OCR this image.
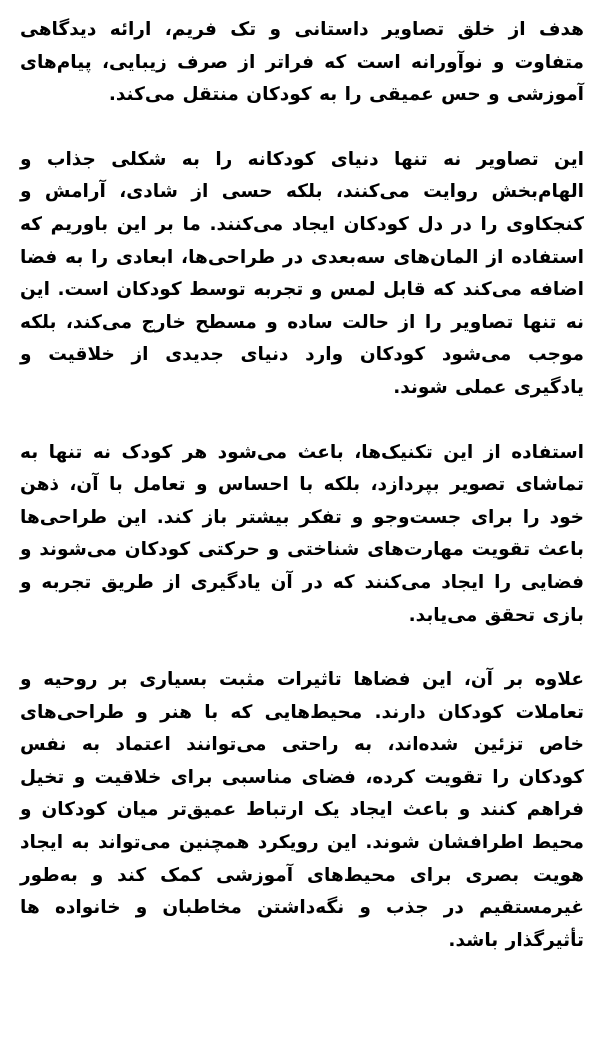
هدف از خلق تصاویر داستانی و تک فریم، ارائه دیدگاهی متفاوت و نوآورانه است که فراتر از صرف زیبایی، پیام‌های آموزشی و حس عمیقی را به کودکان منتقل می‌کند.

این تصاویر نه تنها دنیای کودکانه را به شکلی جذاب و الهام‌بخش روایت می‌کنند، بلکه حسی از شادی، آرامش و کنجکاوی را در دل کودکان ایجاد می‌کنند. ما بر این باوریم که استفاده از المان‌های سه‌بعدی در طراحی‌ها، ابعادی را به فضا اضافه می‌کند که قابل لمس و تجربه توسط کودکان است. این نه تنها تصاویر را از حالت ساده و مسطح خارج می‌کند، بلکه موجب می‌شود کودکان وارد دنیای جدیدی از خلاقیت و یادگیری عملی شوند.

استفاده از این تکنیک‌ها، باعث می‌شود هر کودک نه تنها به تماشای تصویر بپردازد، بلکه با احساس و تعامل با آن، ذهن خود را برای جست‌وجو و تفکر بیشتر باز کند. این طراحی‌ها باعث تقویت مهارت‌های شناختی و حرکتی کودکان می‌شوند و فضایی را ایجاد می‌کنند که در آن یادگیری از طریق تجربه و بازی تحقق می‌یابد.

علاوه بر آن، این فضاها تاثیرات مثبت بسیاری بر روحیه و تعاملات کودکان دارند. محیط‌هایی که با هنر و طراحی‌های خاص تزئین شده‌اند، به راحتی می‌توانند اعتماد به نفس کودکان را تقویت کرده، فضای مناسبی برای خلاقیت و تخیل فراهم کنند و باعث ایجاد یک ارتباط عمیق‌تر میان کودکان و محیط اطرافشان شوند. این رویکرد همچنین می‌تواند به ایجاد هویت بصری برای محیط‌های آموزشی کمک کند و به‌طور غیرمستقیم در جذب و نگه‌داشتن مخاطبان و خانواده ها تأثیرگذار باشد.
